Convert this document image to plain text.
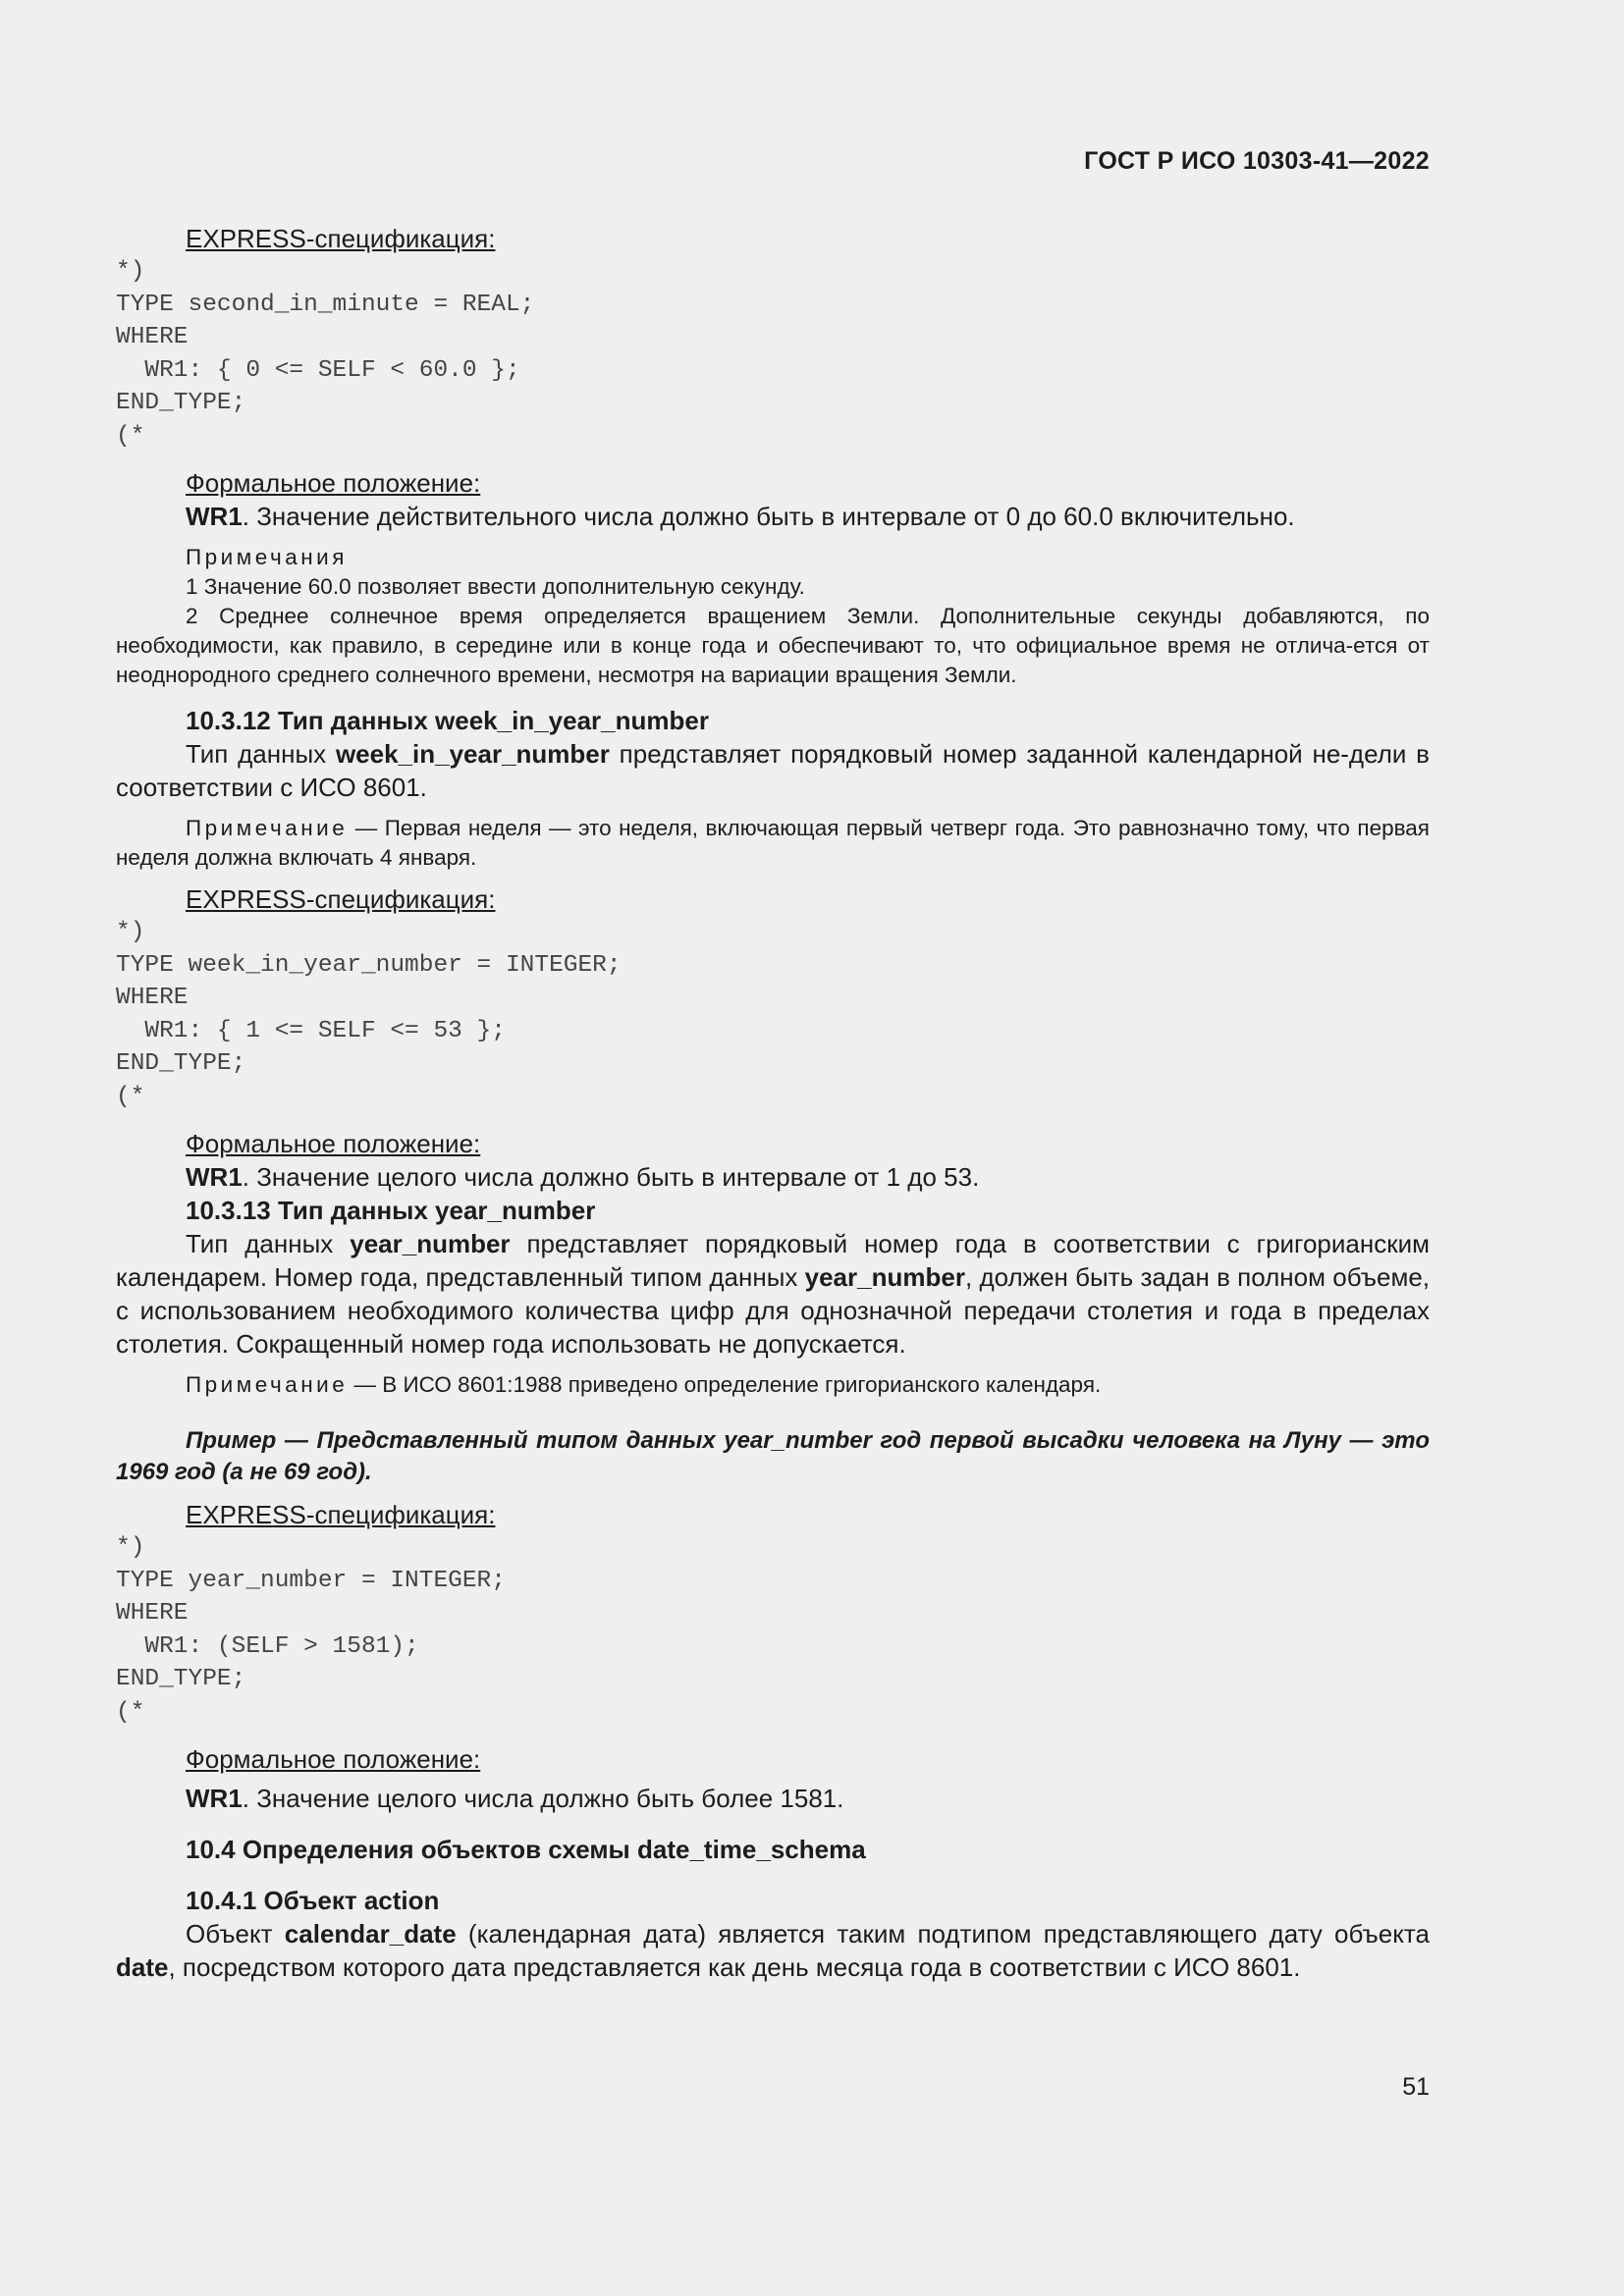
ГОСТ Р ИСО 10303-41—2022
EXPRESS-спецификация:
*)
TYPE second_in_minute = REAL;
WHERE
WR1: { 0 <= SELF < 60.0 };
END_TYPE;
(*
Формальное положение:
WR1. Значение действительного числа должно быть в интервале от 0 до 60.0 включительно.
Примечания
1 Значение 60.0 позволяет ввести дополнительную секунду.
2 Среднее солнечное время определяется вращением Земли. Дополнительные секунды добавляются, по необходимости, как правило, в середине или в конце года и обеспечивают то, что официальное время не отлича-ется от неоднородного среднего солнечного времени, несмотря на вариации вращения Земли.
10.3.12 Тип данных week_in_year_number
Тип данных week_in_year_number представляет порядковый номер заданной календарной не-дели в соответствии с ИСО 8601.
Примечание — Первая неделя — это неделя, включающая первый четверг года. Это равнозначно тому, что первая неделя должна включать 4 января.
EXPRESS-спецификация:
*)
TYPE week_in_year_number = INTEGER;
WHERE
WR1: { 1 <= SELF <= 53 };
END_TYPE;
(*
Формальное положение:
WR1. Значение целого числа должно быть в интервале от 1 до 53.
10.3.13 Тип данных year_number
Тип данных year_number представляет порядковый номер года в соответствии с григорианским календарем. Номер года, представленный типом данных year_number, должен быть задан в полном объеме, с использованием необходимого количества цифр для однозначной передачи столетия и года в пределах столетия. Сокращенный номер года использовать не допускается.
Примечание — В ИСО 8601:1988 приведено определение григорианского календаря.
Пример — Представленный типом данных year_number год первой высадки человека на Луну — это 1969 год (а не 69 год).
EXPRESS-спецификация:
*)
TYPE year_number = INTEGER;
WHERE
WR1: (SELF > 1581);
END_TYPE;
(*
Формальное положение:
WR1. Значение целого числа должно быть более 1581.
10.4 Определения объектов схемы date_time_schema
10.4.1 Объект action
Объект calendar_date (календарная дата) является таким подтипом представляющего дату объекта date, посредством которого дата представляется как день месяца года в соответствии с ИСО 8601.
51
